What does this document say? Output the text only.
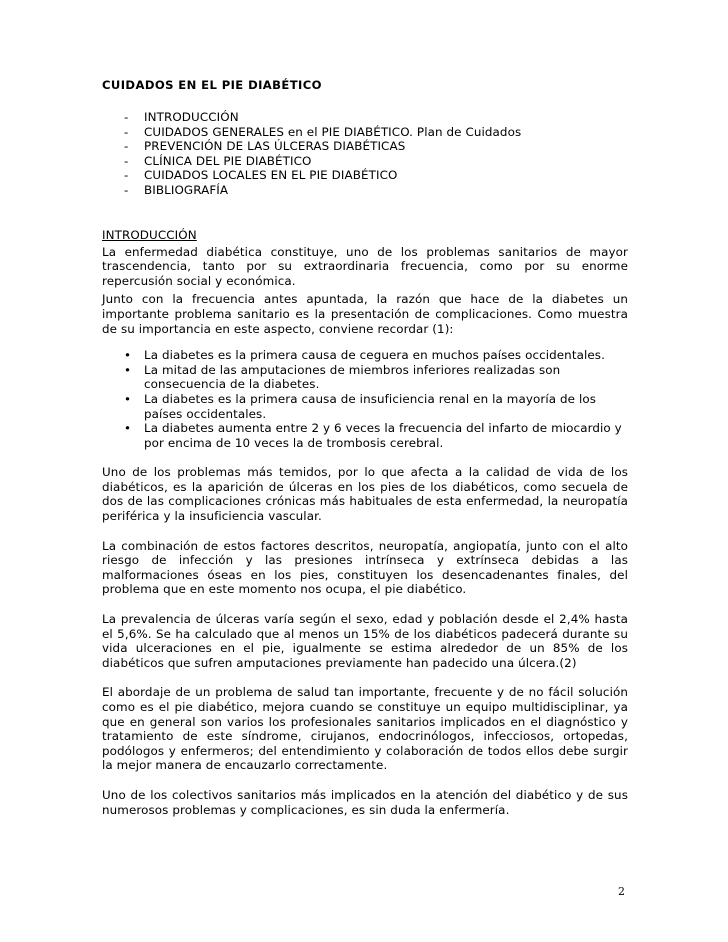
CUIDADOS EN EL PIE DIABÉTICO
- INTRODUCCIÓN
- CUIDADOS GENERALES en el PIE DIABÉTICO. Plan de Cuidados
- PREVENCIÓN DE LAS ÚLCERAS DIABÉTICAS
- CLÍNICA DEL PIE DIABÉTICO
- CUIDADOS LOCALES EN EL PIE DIABÉTICO
- BIBLIOGRAFÍA
INTRODUCCIÓN

La enfermedad diabética constituye, uno de los problemas sanitarios de mayor trascendencia, tanto por su extraordinaria frecuencia, como por su enorme repercusión social y económica.

Junto con la frecuencia antes apuntada, la razón que hace de la diabetes un importante problema sanitario es la presentación de complicaciones. Como muestra de su importancia en este aspecto, conviene recordar (1):

• La diabetes es la primera causa de ceguera en muchos países occidentales.
• La mitad de las amputaciones de miembros inferiores realizadas son consecuencia de la diabetes.
• La diabetes es la primera causa de insuficiencia renal en la mayoría de los países occidentales.
• La diabetes aumenta entre 2 y 6 veces la frecuencia del infarto de miocardio y por encima de 10 veces la de trombosis cerebral.

Uno de los problemas más temidos, por lo que afecta a la calidad de vida de los diabéticos, es la aparición de úlceras en los pies de los diabéticos, como secuela de dos de las complicaciones crónicas más habituales de esta enfermedad, la neuropatía periférica y la insuficiencia vascular.

La combinación de estos factores descritos, neuropatía, angiopatía, junto con el alto riesgo de infección y las presiones intrínseca y extrínseca debidas a las malformaciones óseas en los pies, constituyen los desencadenantes finales, del problema que en este momento nos ocupa, el pie diabético.

La prevalencia de úlceras varía según el sexo, edad y población desde el 2,4% hasta el 5,6%. Se ha calculado que al menos un 15% de los diabéticos padecerá durante su vida ulceraciones en el pie, igualmente se estima alrededor de un 85% de los diabéticos que sufren amputaciones previamente han padecido una úlcera.(2)

El abordaje de un problema de salud tan importante, frecuente y de no fácil solución como es el pie diabético, mejora cuando se constituye un equipo multidisciplinar, ya que en general son varios los profesionales sanitarios implicados en el diagnóstico y tratamiento de este síndrome, cirujanos, endocrinólogos, infecciosos, ortopedas, podólogos y enfermeros; del entendimiento y colaboración de todos ellos debe surgir la mejor manera de encauzarlo correctamente.

Uno de los colectivos sanitarios más implicados en la atención del diabético y de sus numerosos problemas y complicaciones, es sin duda la enfermería.

2
